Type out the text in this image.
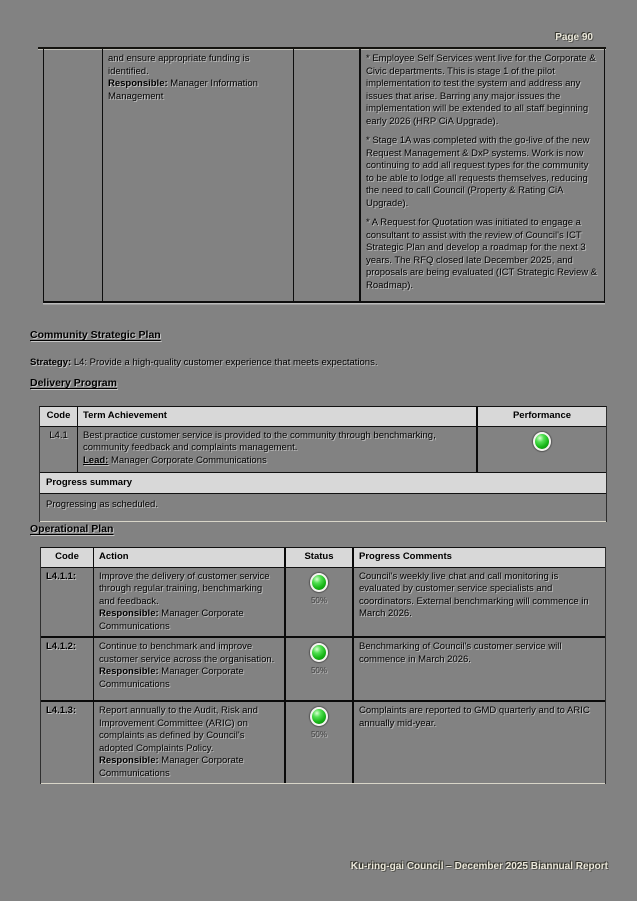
Page 90

and ensure appropriate funding is identified.
Responsible: Manager Information Management

* Employee Self Services went live for the Corporate & Civic departments. This is stage 1 of the pilot implementation to test the system and address any issues that arise. Barring any major issues the implementation will be extended to all staff beginning early 2026 (HRP CiA Upgrade).

* Stage 1A was completed with the go-live of the new Request Management & DxP systems. Work is now continuing to add all request types for the community to be able to lodge all requests themselves, reducing the need to call Council (Property & Rating CiA Upgrade).

* A Request for Quotation was initiated to engage a consultant to assist with the review of Council's ICT Strategic Plan and develop a roadmap for the next 3 years. The RFQ closed late December 2025, and proposals are being evaluated (ICT Strategic Review & Roadmap).

Community Strategic Plan
Strategy: L4: Provide a high-quality customer experience that meets expectations.
Delivery Program
Code	Term Achievement	Performance
L4.1	Best practice customer service is provided to the community through benchmarking, community feedback and complaints management.
Lead: Manager Corporate Communications
Progress summary
Progressing as scheduled.
Operational Plan
Code	Action	Status	Progress Comments
L4.1.1:	Improve the delivery of customer service through regular training, benchmarking and feedback.
Responsible: Manager Corporate Communications
50%
Council's weekly live chat and call monitoring is evaluated by customer service specialists and coordinators. External benchmarking will commence in March 2026.
L4.1.2:	Continue to benchmark and improve customer service across the organisation.
Responsible: Manager Corporate Communications
50%
Benchmarking of Council's customer service will commence in March 2026.
L4.1.3:	Report annually to the Audit, Risk and Improvement Committee (ARIC) on complaints as defined by Council's adopted Complaints Policy.
Responsible: Manager Corporate Communications
50%
Complaints are reported to GMD quarterly and to ARIC annually mid-year.
Ku-ring-gai Council – December 2025 Biannual Report
